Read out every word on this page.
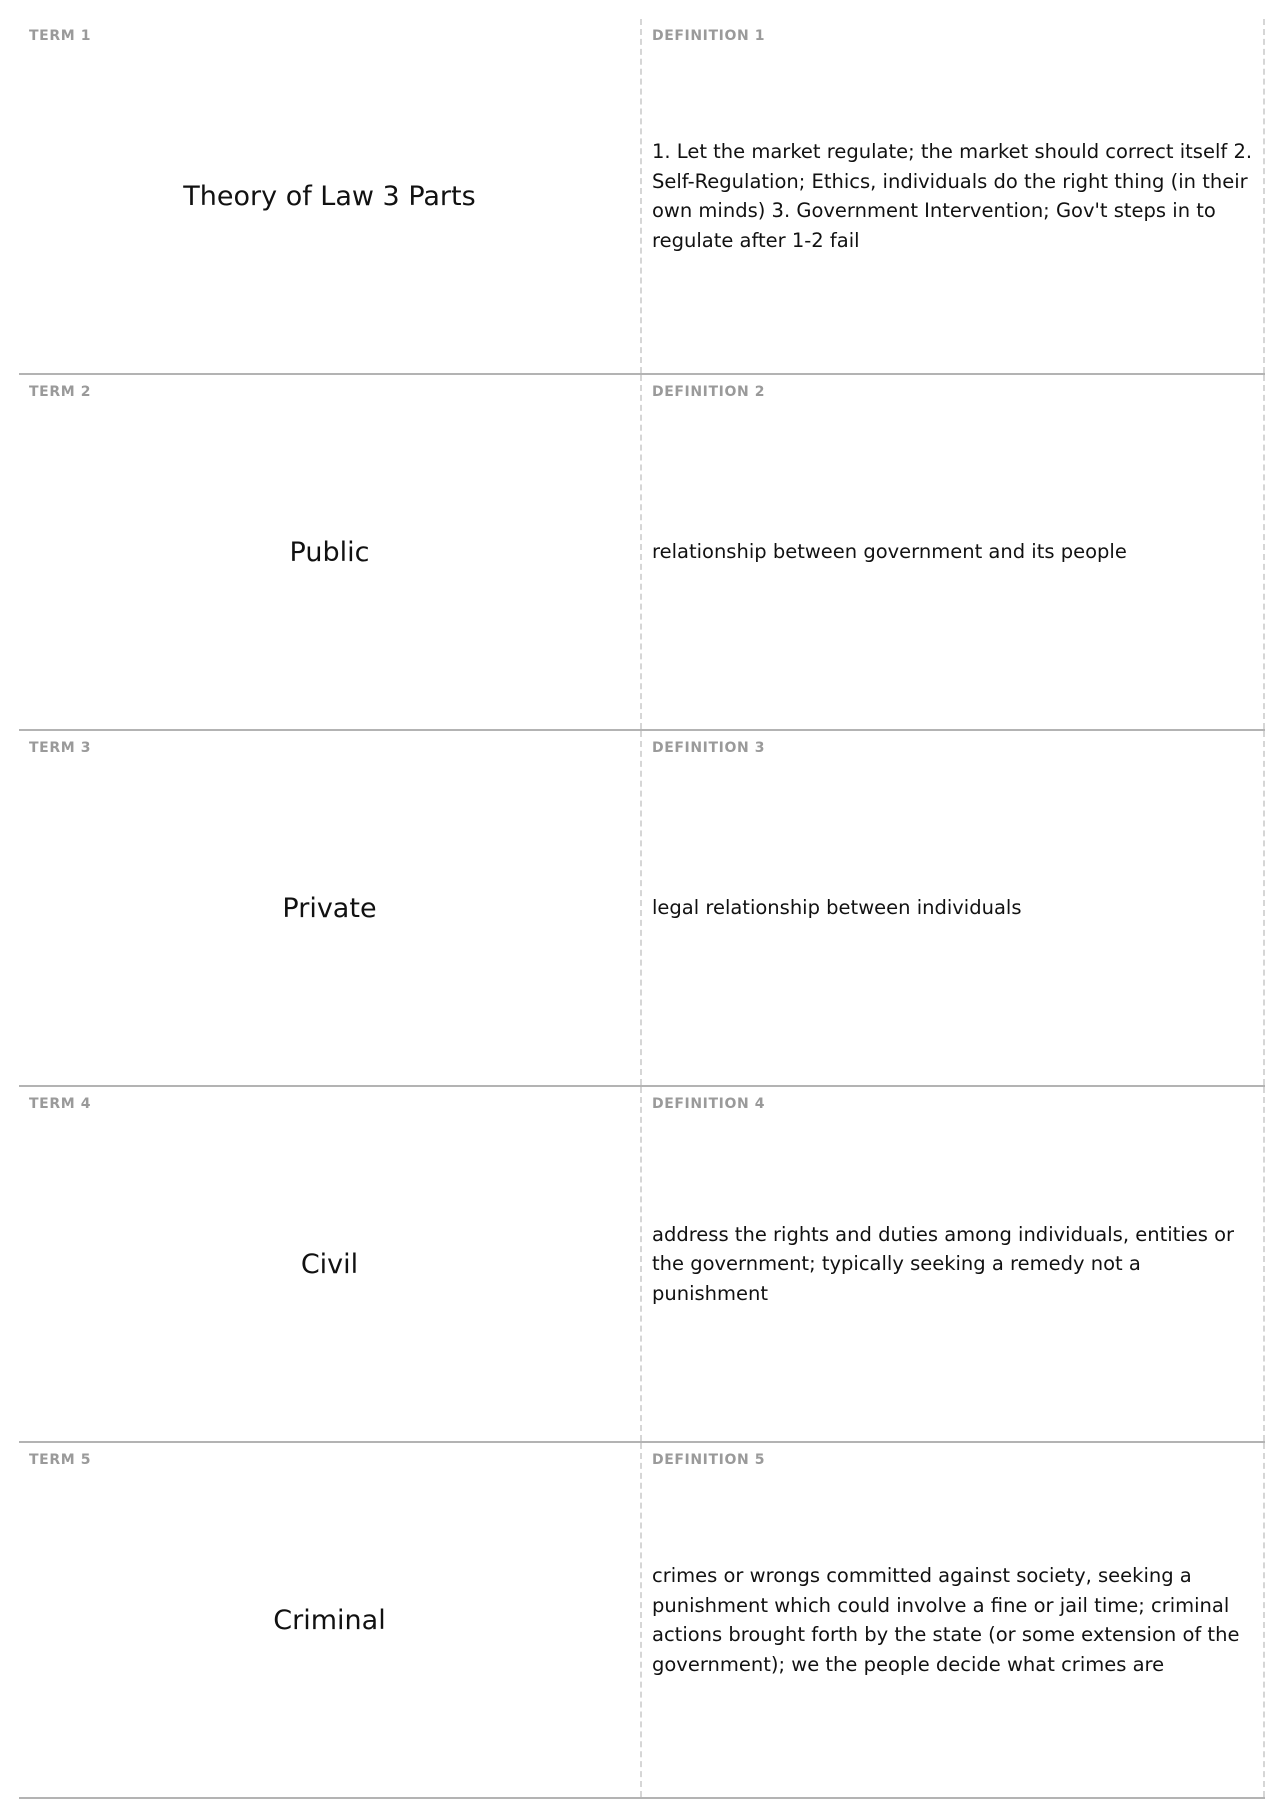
TERM 1

Theory of Law 3 Parts

DEFINITION 1

1. Let the market regulate; the market should correct itself 2. Self-Regulation; Ethics, individuals do the right thing (in their own minds) 3. Government Intervention; Gov't steps in to regulate after 1-2 fail

TERM 2

Public

DEFINITION 2

relationship between government and its people

TERM 3

Private

DEFINITION 3

legal relationship between individuals

TERM 4

Civil

DEFINITION 4

address the rights and duties among individuals, entities or the government; typically seeking a remedy not a punishment

TERM 5

Criminal

DEFINITION 5

crimes or wrongs committed against society, seeking a punishment which could involve a fine or jail time; criminal actions brought forth by the state (or some extension of the government); we the people decide what crimes are
